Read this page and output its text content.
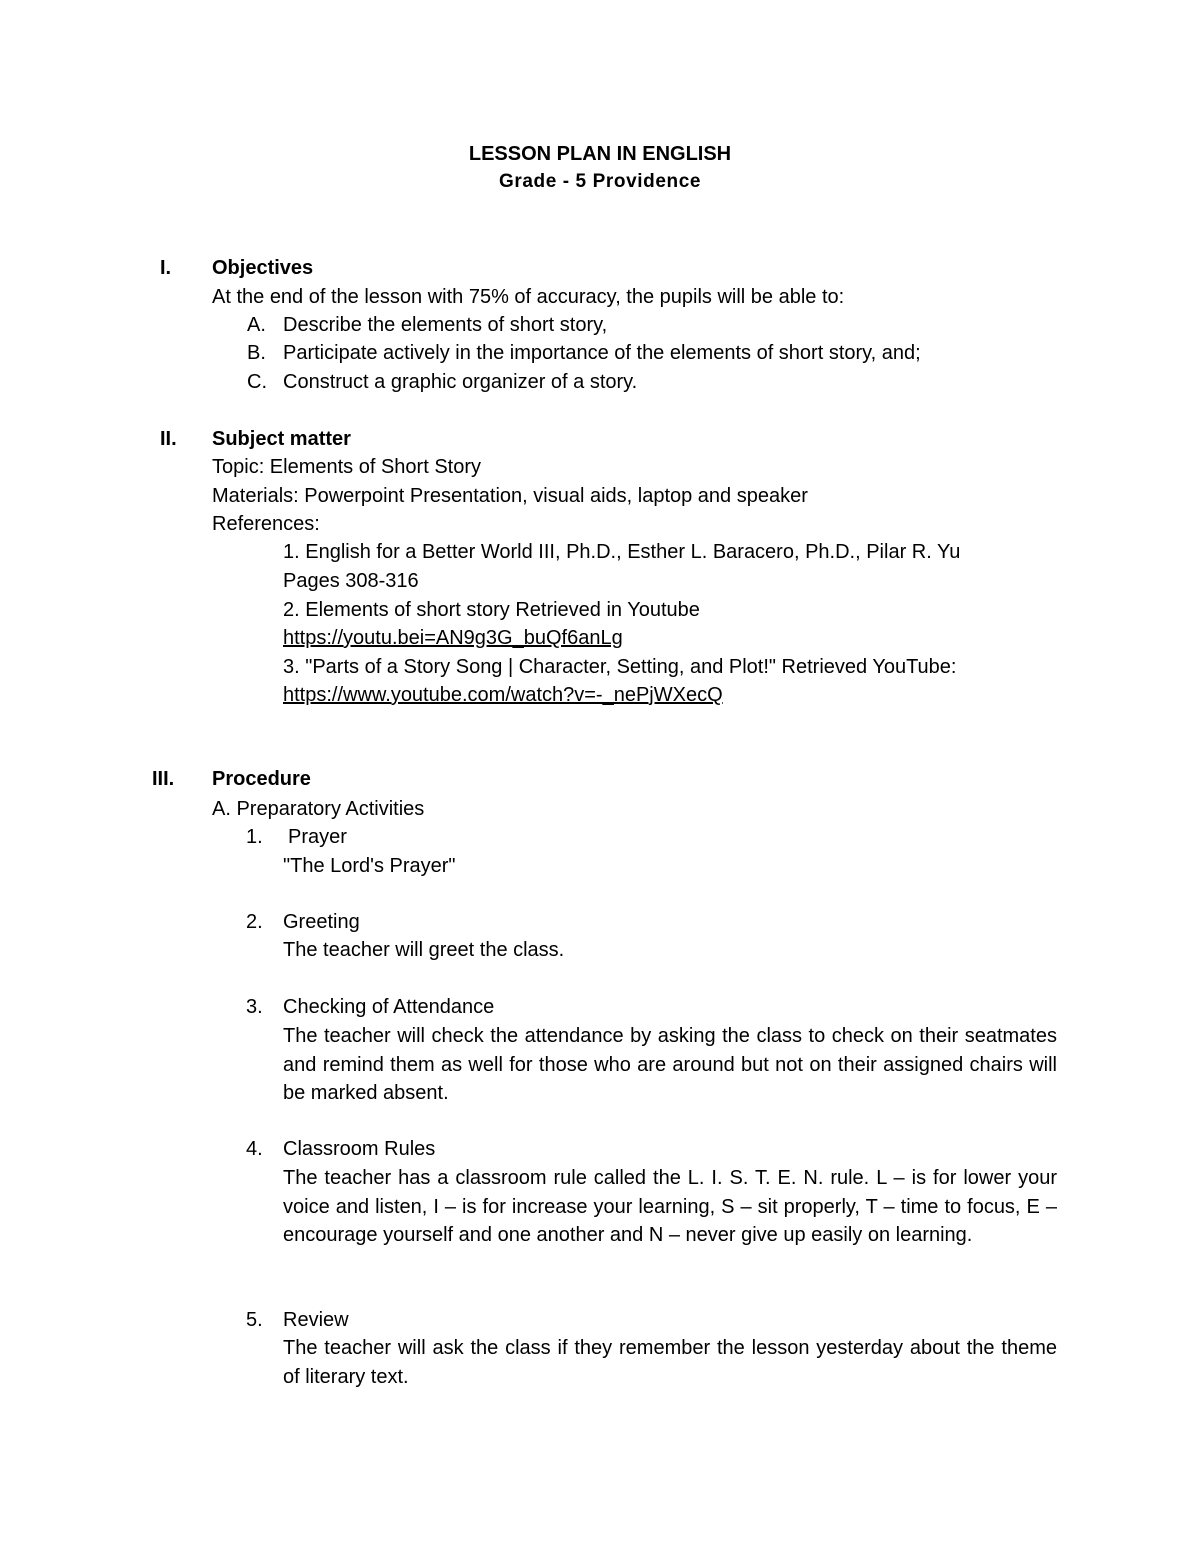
LESSON PLAN IN ENGLISH
Grade - 5 Providence
I. Objectives
At the end of the lesson with 75% of accuracy, the pupils will be able to:
A. Describe the elements of short story,
B. Participate actively in the importance of the elements of short story, and;
C. Construct a graphic organizer of a story.
II. Subject matter
Topic: Elements of Short Story
Materials: Powerpoint Presentation, visual aids, laptop and speaker
References:
1. English for a Better World III, Ph.D., Esther L. Baracero, Ph.D., Pilar R. Yu
Pages 308-316
2. Elements of short story Retrieved in Youtube
https://youtu.bei=AN9g3G_buQf6anLg
3. "Parts of a Story Song | Character, Setting, and Plot!" Retrieved YouTube:
https://www.youtube.com/watch?v=-_nePjWXecQ
III. Procedure
A. Preparatory Activities
1. Prayer
"The Lord's Prayer"
2. Greeting
The teacher will greet the class.
3. Checking of Attendance
The teacher will check the attendance by asking the class to check on their seatmates and remind them as well for those who are around but not on their assigned chairs will be marked absent.
4. Classroom Rules
The teacher has a classroom rule called the L. I. S. T. E. N. rule. L – is for lower your voice and listen, I – is for increase your learning, S – sit properly, T – time to focus, E – encourage yourself and one another and N – never give up easily on learning.
5. Review
The teacher will ask the class if they remember the lesson yesterday about the theme of literary text.
